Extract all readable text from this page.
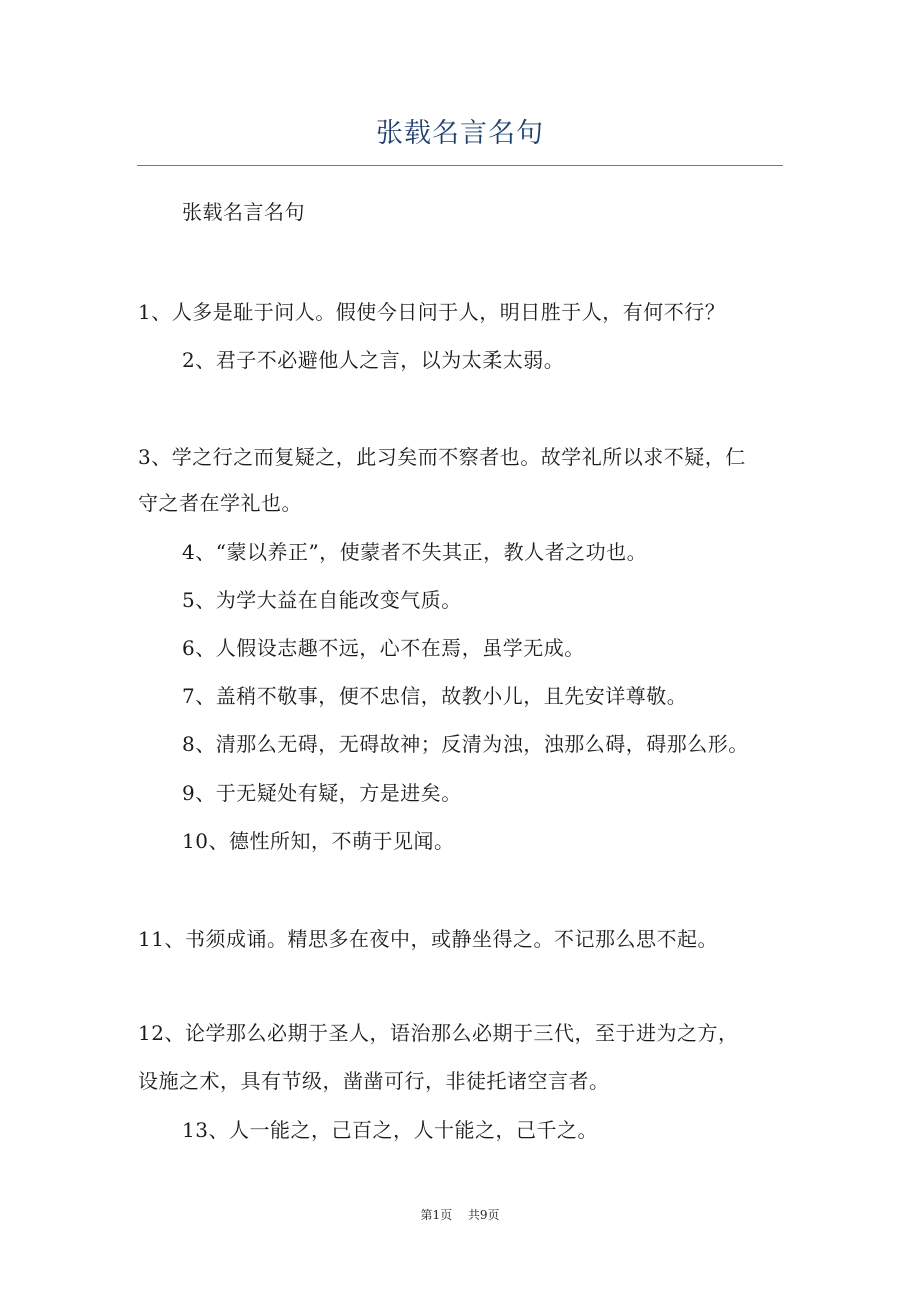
张载名言名句
张载名言名句
1、人多是耻于问人。假使今日问于人，明日胜于人，有何不行？
2、君子不必避他人之言，以为太柔太弱。
3、学之行之而复疑之，此习矣而不察者也。故学礼所以求不疑，仁
守之者在学礼也。
4、“蒙以养正”，使蒙者不失其正，教人者之功也。
5、为学大益在自能改变气质。
6、人假设志趣不远，心不在焉，虽学无成。
7、盖稍不敬事，便不忠信，故教小儿，且先安详尊敬。
8、清那么无碍，无碍故神；反清为浊，浊那么碍，碍那么形。
9、于无疑处有疑，方是进矣。
10、德性所知，不萌于见闻。
11、书须成诵。精思多在夜中，或静坐得之。不记那么思不起。
12、论学那么必期于圣人，语治那么必期于三代，至于进为之方，
设施之术，具有节级，凿凿可行，非徒托诸空言者。
13、人一能之，己百之，人十能之，己千之。
第1页 共9页
